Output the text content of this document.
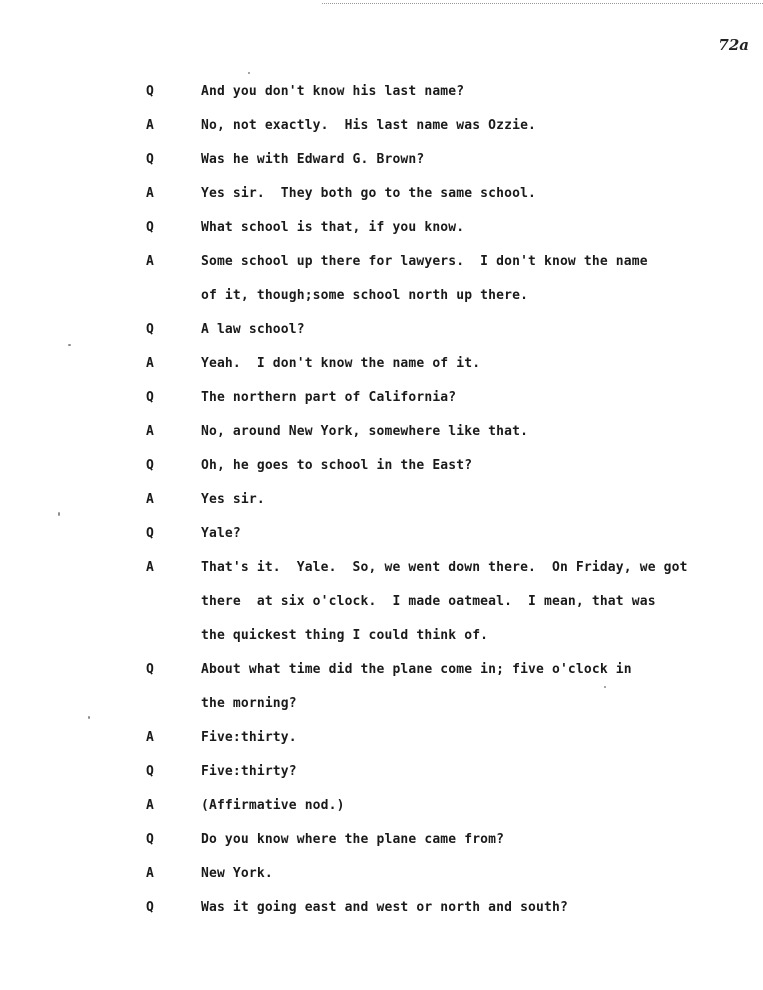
72a
Q	And you don't know his last name?
A	No, not exactly.  His last name was Ozzie.
Q	Was he with Edward G. Brown?
A	Yes sir.  They both go to the same school.
Q	What school is that, if you know.
A	Some school up there for lawyers.  I don't know the name
of it, though;some school north up there.
Q	A law school?
A	Yeah.  I don't know the name of it.
Q	The northern part of California?
A	No, around New York, somewhere like that.
Q	Oh, he goes to school in the East?
A	Yes sir.
Q	Yale?
A	That's it.  Yale.  So, we went down there.  On Friday, we got
there  at six o'clock.  I made oatmeal.  I mean, that was
the quickest thing I could think of.
Q	About what time did the plane come in; five o'clock in
the morning?
A	Five:thirty.
Q	Five:thirty?
A	(Affirmative nod.)
Q	Do you know where the plane came from?
A	New York.
Q	Was it going east and west or north and south?
